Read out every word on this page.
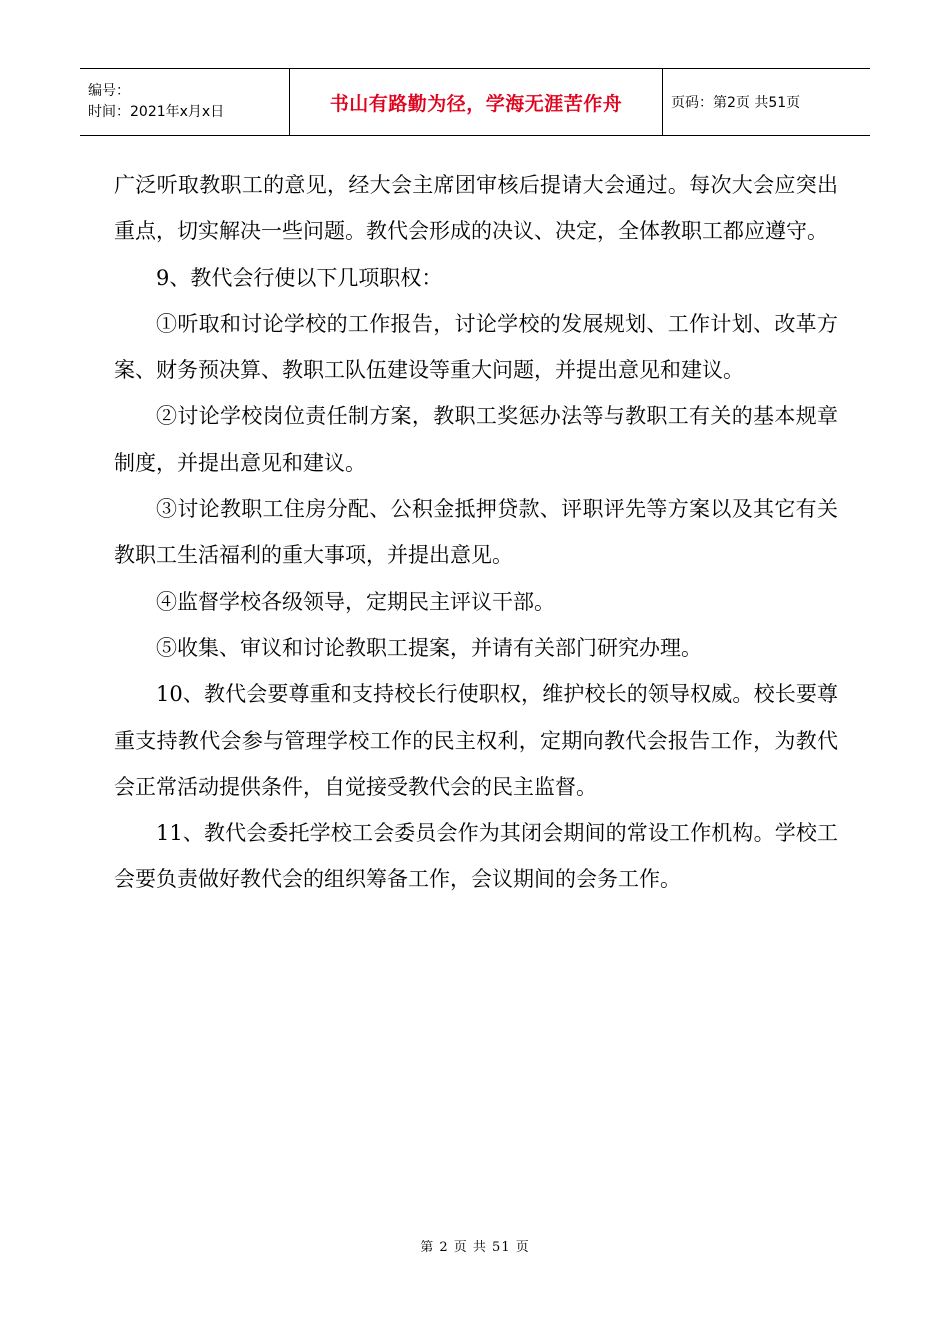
编号：
时间：2021年x月x日	书山有路勤为径，学海无涯苦作舟	页码：第2页 共51页

广泛听取教职工的意见，经大会主席团审核后提请大会通过。每次大会应突出重点，切实解决一些问题。教代会形成的决议、决定，全体教职工都应遵守。

9、教代会行使以下几项职权：

①听取和讨论学校的工作报告，讨论学校的发展规划、工作计划、改革方案、财务预决算、教职工队伍建设等重大问题，并提出意见和建议。

②讨论学校岗位责任制方案，教职工奖惩办法等与教职工有关的基本规章制度，并提出意见和建议。

③讨论教职工住房分配、公积金抵押贷款、评职评先等方案以及其它有关教职工生活福利的重大事项，并提出意见。

④监督学校各级领导，定期民主评议干部。

⑤收集、审议和讨论教职工提案，并请有关部门研究办理。

10、教代会要尊重和支持校长行使职权，维护校长的领导权威。校长要尊重支持教代会参与管理学校工作的民主权利，定期向教代会报告工作，为教代会正常活动提供条件，自觉接受教代会的民主监督。

11、教代会委托学校工会委员会作为其闭会期间的常设工作机构。学校工会要负责做好教代会的组织筹备工作，会议期间的会务工作。

第 2 页 共 51 页
